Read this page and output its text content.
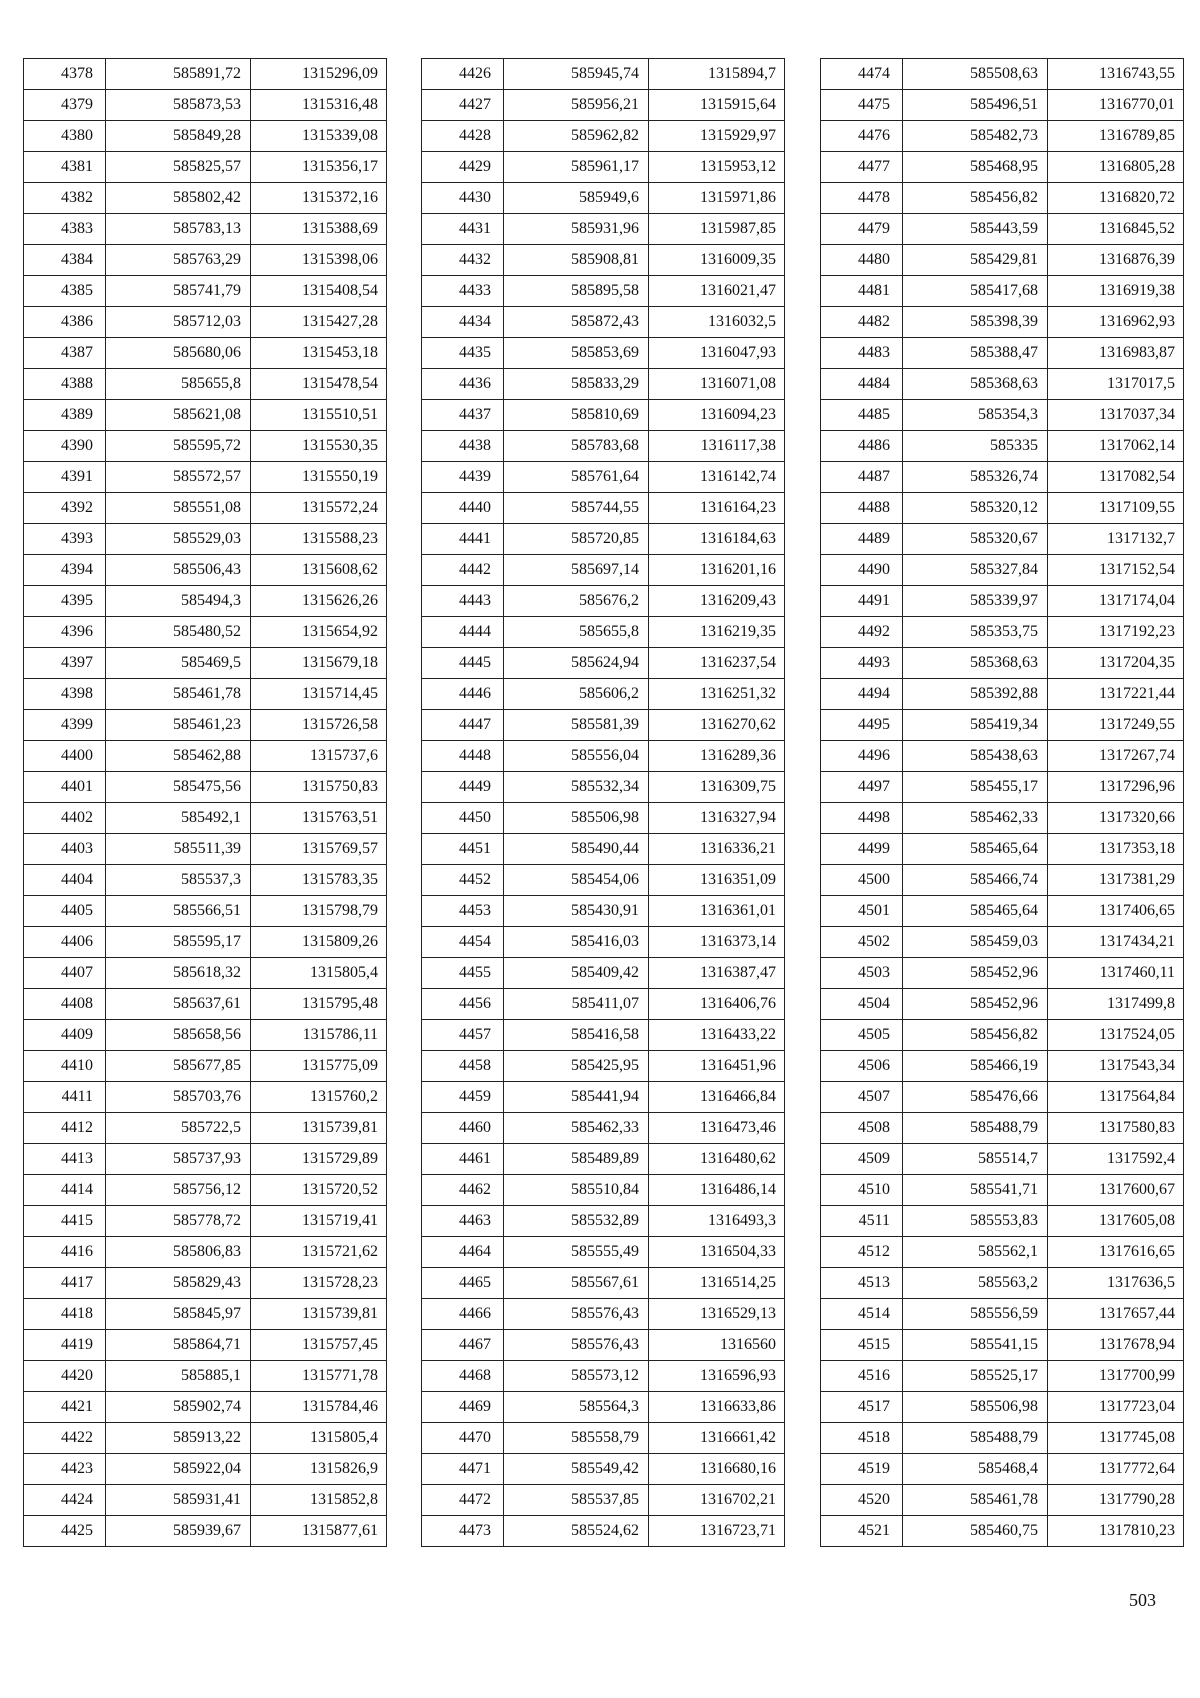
4378	585891,72	1315296,09
4379	585873,53	1315316,48
4380	585849,28	1315339,08
4381	585825,57	1315356,17
4382	585802,42	1315372,16
4383	585783,13	1315388,69
4384	585763,29	1315398,06
4385	585741,79	1315408,54
4386	585712,03	1315427,28
4387	585680,06	1315453,18
4388	585655,8	1315478,54
4389	585621,08	1315510,51
4390	585595,72	1315530,35
4391	585572,57	1315550,19
4392	585551,08	1315572,24
4393	585529,03	1315588,23
4394	585506,43	1315608,62
4395	585494,3	1315626,26
4396	585480,52	1315654,92
4397	585469,5	1315679,18
4398	585461,78	1315714,45
4399	585461,23	1315726,58
4400	585462,88	1315737,6
4401	585475,56	1315750,83
4402	585492,1	1315763,51
4403	585511,39	1315769,57
4404	585537,3	1315783,35
4405	585566,51	1315798,79
4406	585595,17	1315809,26
4407	585618,32	1315805,4
4408	585637,61	1315795,48
4409	585658,56	1315786,11
4410	585677,85	1315775,09
4411	585703,76	1315760,2
4412	585722,5	1315739,81
4413	585737,93	1315729,89
4414	585756,12	1315720,52
4415	585778,72	1315719,41
4416	585806,83	1315721,62
4417	585829,43	1315728,23
4418	585845,97	1315739,81
4419	585864,71	1315757,45
4420	585885,1	1315771,78
4421	585902,74	1315784,46
4422	585913,22	1315805,4
4423	585922,04	1315826,9
4424	585931,41	1315852,8
4425	585939,67	1315877,61
4426	585945,74	1315894,7
4427	585956,21	1315915,64
4428	585962,82	1315929,97
4429	585961,17	1315953,12
4430	585949,6	1315971,86
4431	585931,96	1315987,85
4432	585908,81	1316009,35
4433	585895,58	1316021,47
4434	585872,43	1316032,5
4435	585853,69	1316047,93
4436	585833,29	1316071,08
4437	585810,69	1316094,23
4438	585783,68	1316117,38
4439	585761,64	1316142,74
4440	585744,55	1316164,23
4441	585720,85	1316184,63
4442	585697,14	1316201,16
4443	585676,2	1316209,43
4444	585655,8	1316219,35
4445	585624,94	1316237,54
4446	585606,2	1316251,32
4447	585581,39	1316270,62
4448	585556,04	1316289,36
4449	585532,34	1316309,75
4450	585506,98	1316327,94
4451	585490,44	1316336,21
4452	585454,06	1316351,09
4453	585430,91	1316361,01
4454	585416,03	1316373,14
4455	585409,42	1316387,47
4456	585411,07	1316406,76
4457	585416,58	1316433,22
4458	585425,95	1316451,96
4459	585441,94	1316466,84
4460	585462,33	1316473,46
4461	585489,89	1316480,62
4462	585510,84	1316486,14
4463	585532,89	1316493,3
4464	585555,49	1316504,33
4465	585567,61	1316514,25
4466	585576,43	1316529,13
4467	585576,43	1316560
4468	585573,12	1316596,93
4469	585564,3	1316633,86
4470	585558,79	1316661,42
4471	585549,42	1316680,16
4472	585537,85	1316702,21
4473	585524,62	1316723,71
4474	585508,63	1316743,55
4475	585496,51	1316770,01
4476	585482,73	1316789,85
4477	585468,95	1316805,28
4478	585456,82	1316820,72
4479	585443,59	1316845,52
4480	585429,81	1316876,39
4481	585417,68	1316919,38
4482	585398,39	1316962,93
4483	585388,47	1316983,87
4484	585368,63	1317017,5
4485	585354,3	1317037,34
4486	585335	1317062,14
4487	585326,74	1317082,54
4488	585320,12	1317109,55
4489	585320,67	1317132,7
4490	585327,84	1317152,54
4491	585339,97	1317174,04
4492	585353,75	1317192,23
4493	585368,63	1317204,35
4494	585392,88	1317221,44
4495	585419,34	1317249,55
4496	585438,63	1317267,74
4497	585455,17	1317296,96
4498	585462,33	1317320,66
4499	585465,64	1317353,18
4500	585466,74	1317381,29
4501	585465,64	1317406,65
4502	585459,03	1317434,21
4503	585452,96	1317460,11
4504	585452,96	1317499,8
4505	585456,82	1317524,05
4506	585466,19	1317543,34
4507	585476,66	1317564,84
4508	585488,79	1317580,83
4509	585514,7	1317592,4
4510	585541,71	1317600,67
4511	585553,83	1317605,08
4512	585562,1	1317616,65
4513	585563,2	1317636,5
4514	585556,59	1317657,44
4515	585541,15	1317678,94
4516	585525,17	1317700,99
4517	585506,98	1317723,04
4518	585488,79	1317745,08
4519	585468,4	1317772,64
4520	585461,78	1317790,28
4521	585460,75	1317810,23
503
